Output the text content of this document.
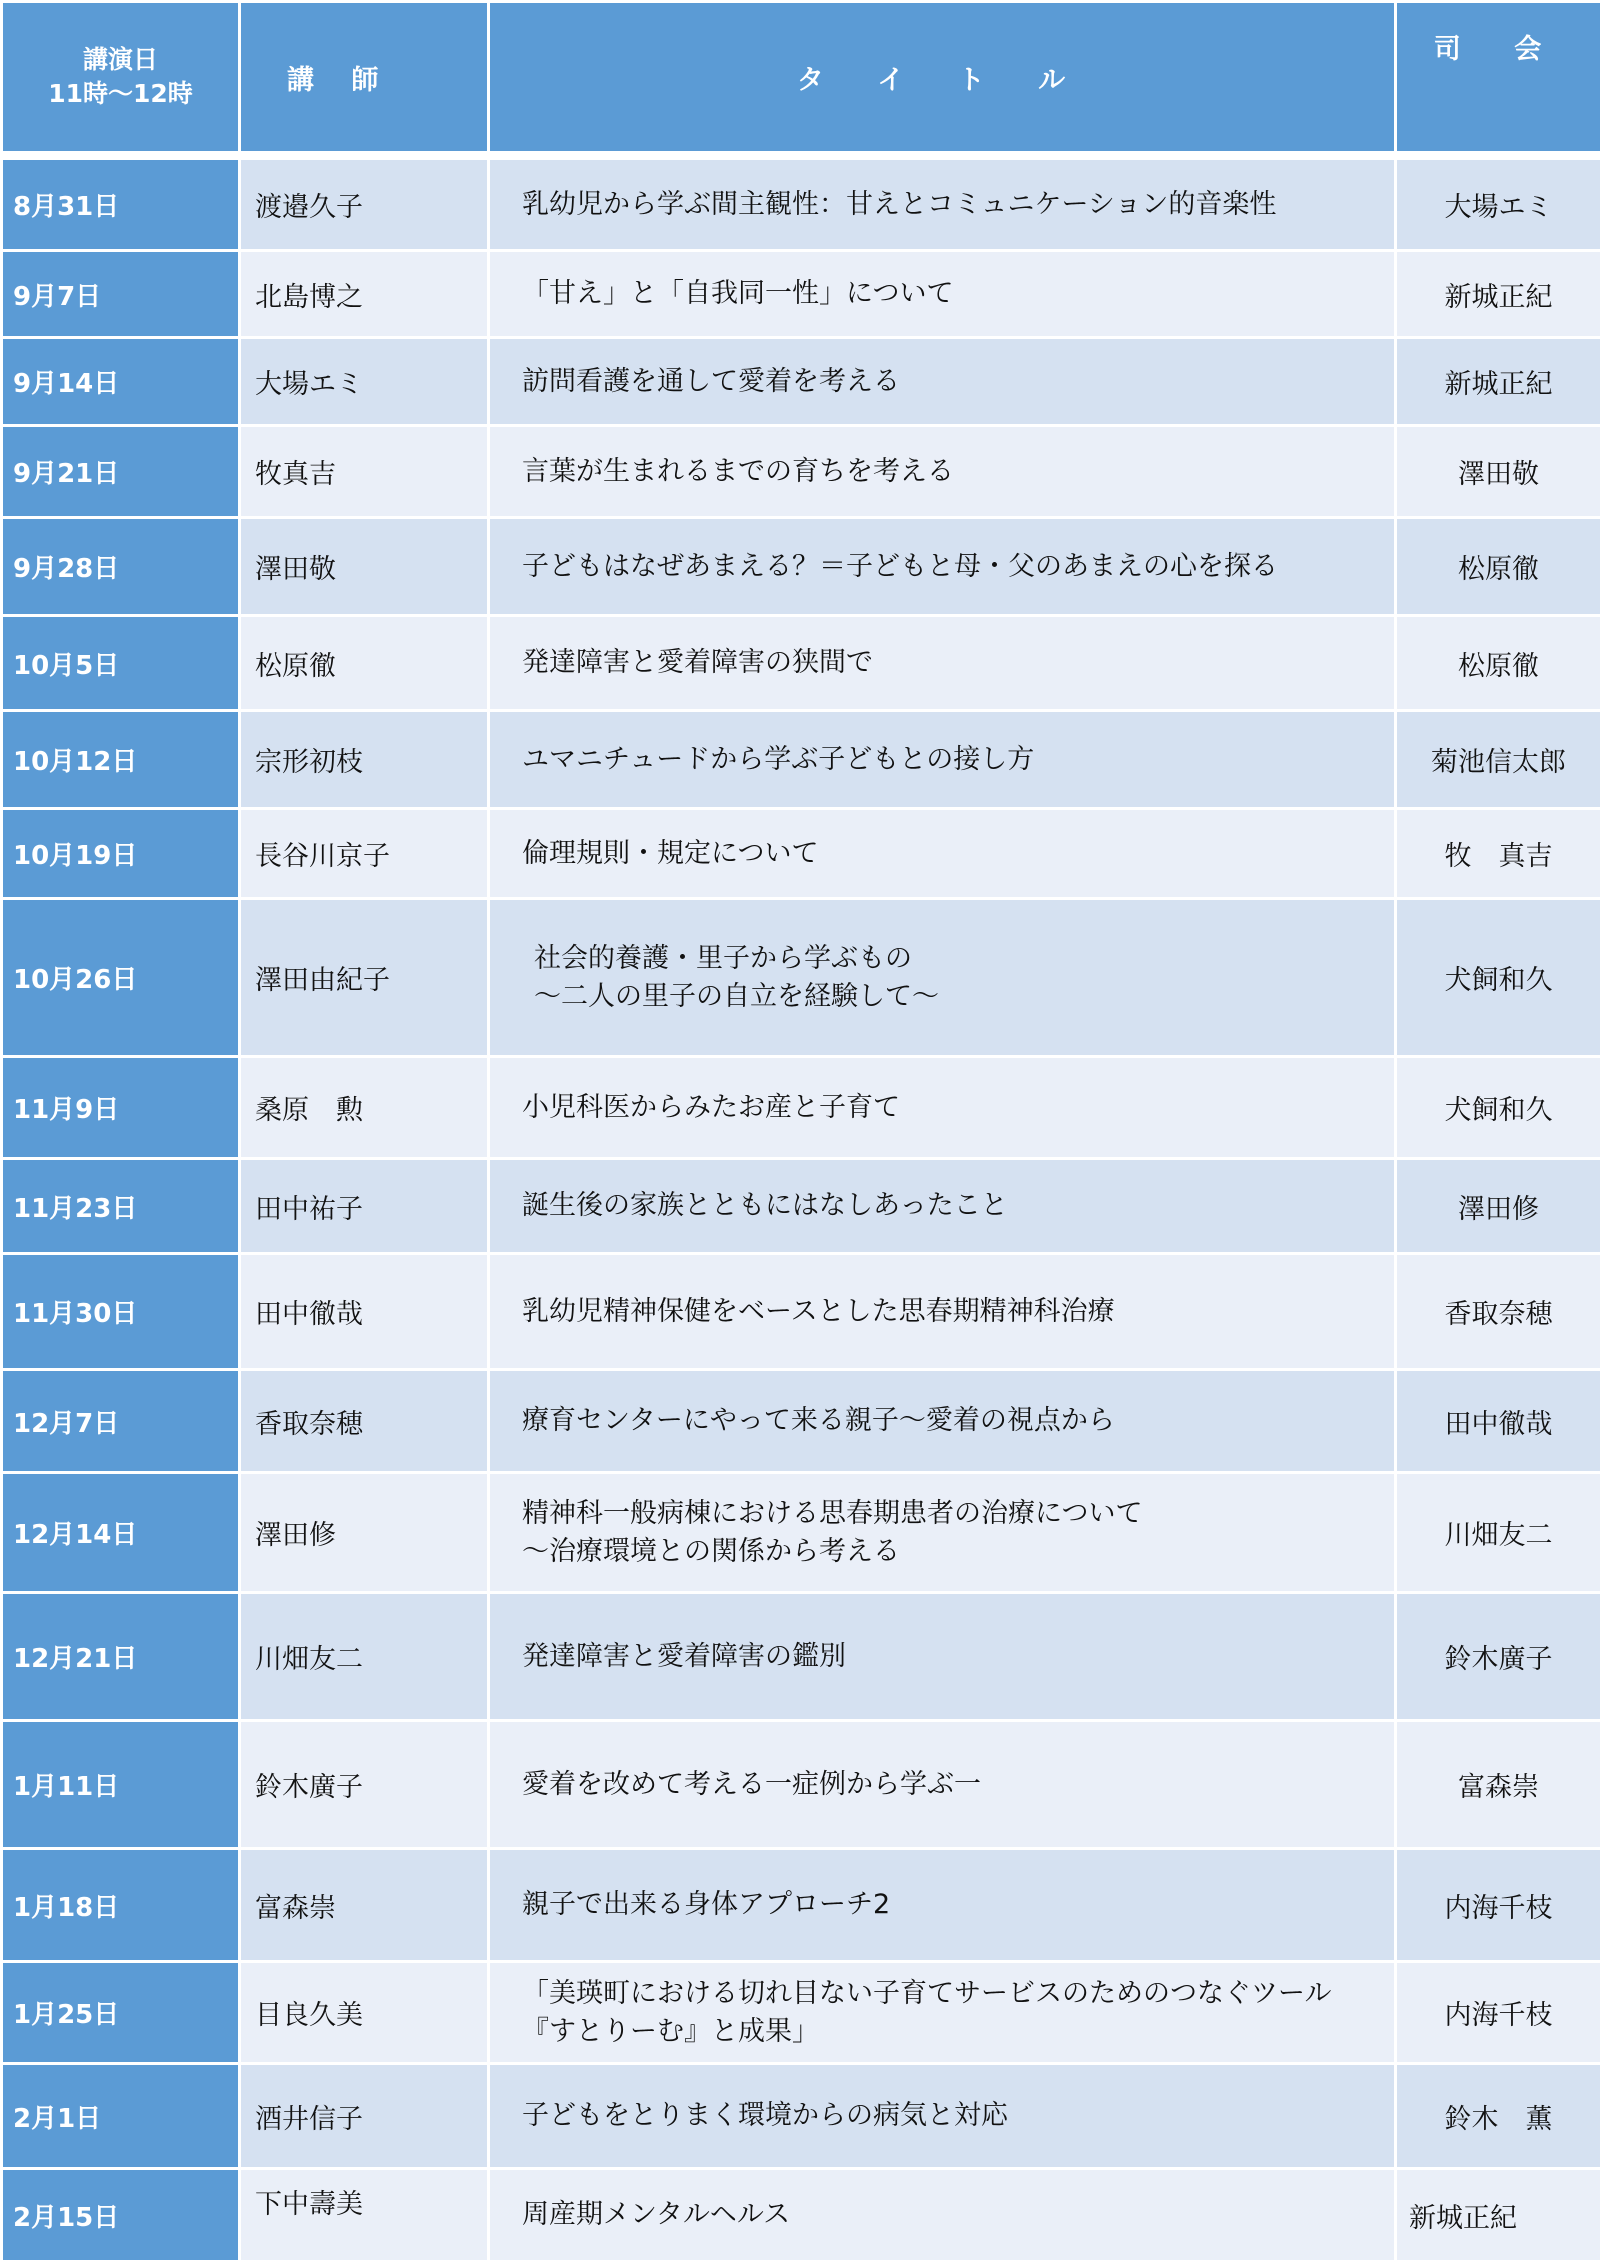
講演日
11時〜12時	講 師	タ イ ト ル	司 会
8月31日	渡邉久子	乳幼児から学ぶ間主観性：甘えとコミュニケーション的音楽性	大場エミ
9月7日	北島博之	「甘え」と「自我同一性」について	新城正紀
9月14日	大場エミ	訪問看護を通して愛着を考える	新城正紀
9月21日	牧真吉	言葉が生まれるまでの育ちを考える	澤田敬
9月28日	澤田敬	子どもはなぜあまえる？＝子どもと母・父のあまえの心を探る	松原徹
10月5日	松原徹	発達障害と愛着障害の狭間で	松原徹
10月12日	宗形初枝	ユマニチュードから学ぶ子どもとの接し方	菊池信太郎
10月19日	長谷川京子	倫理規則・規定について	牧　真吉
10月26日	澤田由紀子	社会的養護・里子から学ぶもの
〜二人の里子の自立を経験して〜	犬飼和久
11月9日	桑原　勲	小児科医からみたお産と子育て	犬飼和久
11月23日	田中祐子	誕生後の家族とともにはなしあったこと	澤田修
11月30日	田中徹哉	乳幼児精神保健をベースとした思春期精神科治療	香取奈穂
12月7日	香取奈穂	療育センターにやって来る親子〜愛着の視点から	田中徹哉
12月14日	澤田修	精神科一般病棟における思春期患者の治療について
〜治療環境との関係から考える	川畑友二
12月21日	川畑友二	発達障害と愛着障害の鑑別	鈴木廣子
1月11日	鈴木廣子	愛着を改めて考える一症例から学ぶ一	富森崇
1月18日	富森崇	親子で出来る身体アプローチ2	内海千枝
1月25日	目良久美	「美瑛町における切れ目ない子育てサービスのためのつなぐツール
『すとりーむ』と成果」	内海千枝
2月1日	酒井信子	子どもをとりまく環境からの病気と対応	鈴木　薫
2月15日	下中壽美	周産期メンタルヘルス	新城正紀
